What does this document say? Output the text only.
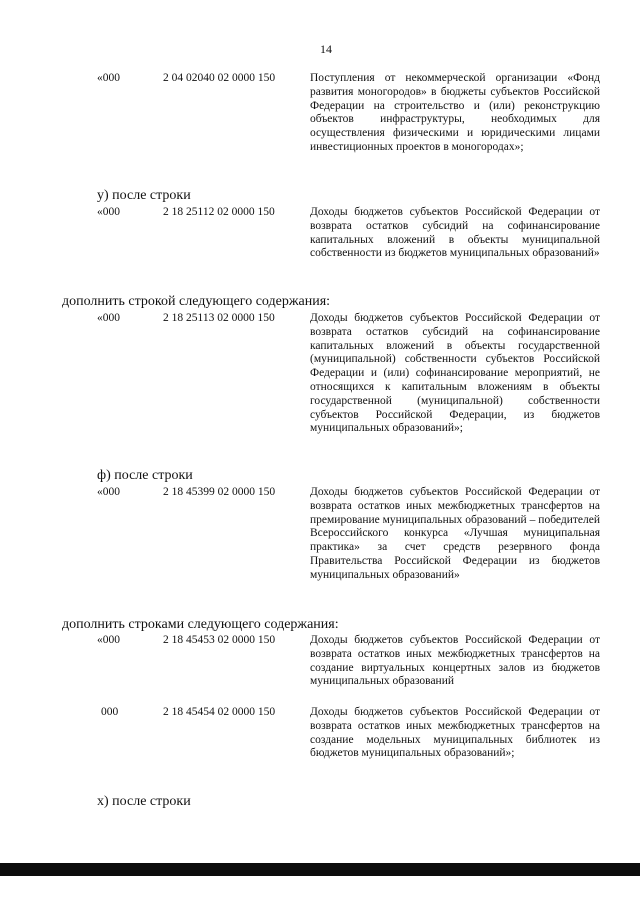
14
«000	2 04 02040 02 0000 150	Поступления от некоммерческой организации «Фонд развития моногородов» в бюджеты субъектов Российской Федерации на строительство и (или) реконструкцию объектов инфраструктуры, необходимых для осуществления физическими и юридическими лицами инвестиционных проектов в моногородах»;
у) после строки
«000	2 18 25112 02 0000 150	Доходы бюджетов субъектов Российской Федерации от возврата остатков субсидий на софинансирование капитальных вложений в объекты муниципальной собственности из бюджетов муниципальных образований»
дополнить строкой следующего содержания:
«000	2 18 25113 02 0000 150	Доходы бюджетов субъектов Российской Федерации от возврата остатков субсидий на софинансирование капитальных вложений в объекты государственной (муниципальной) собственности субъектов Российской Федерации и (или) софинансирование мероприятий, не относящихся к капитальным вложениям в объекты государственной (муниципальной) собственности субъектов Российской Федерации, из бюджетов муниципальных образований»;
ф) после строки
«000	2 18 45399 02 0000 150	Доходы бюджетов субъектов Российской Федерации от возврата остатков иных межбюджетных трансфертов на премирование муниципальных образований – победителей Всероссийского конкурса «Лучшая муниципальная практика» за счет средств резервного фонда Правительства Российской Федерации из бюджетов муниципальных образований»
дополнить строками следующего содержания:
«000	2 18 45453 02 0000 150	Доходы бюджетов субъектов Российской Федерации от возврата остатков иных межбюджетных трансфертов на создание виртуальных концертных залов из бюджетов муниципальных образований
000	2 18 45454 02 0000 150	Доходы бюджетов субъектов Российской Федерации от возврата остатков иных межбюджетных трансфертов на создание модельных муниципальных библиотек из бюджетов муниципальных образований»;
х) после строки
